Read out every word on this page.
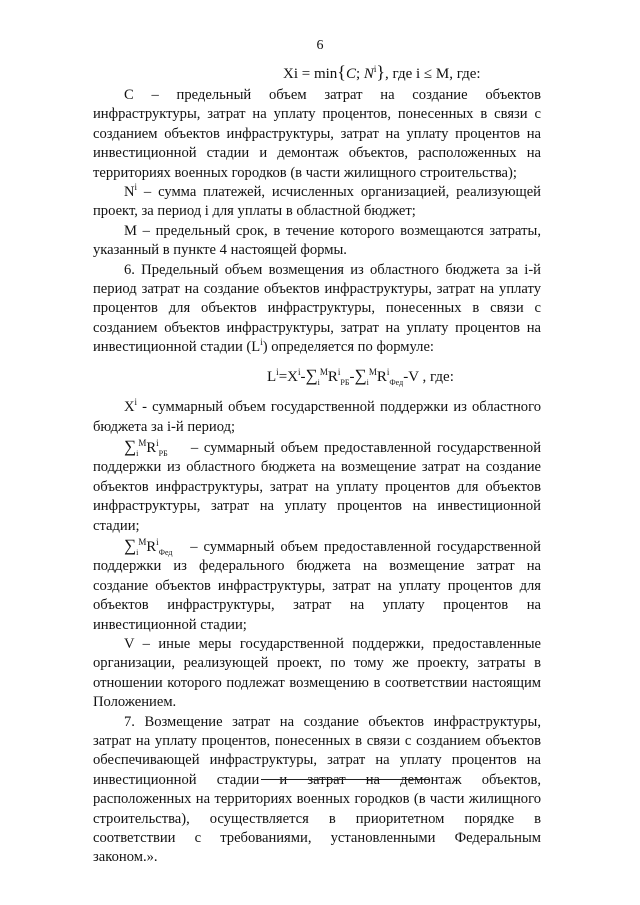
6
Xi = min{C; $N^i$}, где i ≤ M, где:

С – предельный объем затрат на создание объектов инфраструктуры, затрат на уплату процентов, понесенных в связи с созданием объектов инфраструктуры, затрат на уплату процентов на инвестиционной стадии и демонтаж объектов, расположенных на территориях военных городков (в части жилищного строительства);

$N^i$ – сумма платежей, исчисленных организацией, реализующей проект, за период i для уплаты в областной бюджет;

М – предельный срок, в течение которого возмещаются затраты, указанный в пункте 4 настоящей формы.

6. Предельный объем возмещения из областного бюджета за i-й период затрат на создание объектов инфраструктуры, затрат на уплату процентов для объектов инфраструктуры, понесенных в связи с созданием объектов инфраструктуры, затрат на уплату процентов на инвестиционной стадии $(L^i)$ определяется по формуле:

$L^i=X^i-\sum_i^MR^i_{РБ}-\sum_i^MR^i_{Фед}-V$ , где:

$X^i$ - суммарный объем государственной поддержки из областного бюджета за i-й период;

$\sum_i^MR^i_{РБ}$ – суммарный объем предоставленной государственной поддержки из областного бюджета на возмещение затрат на создание объектов инфраструктуры, затрат на уплату процентов для объектов инфраструктуры, затрат на уплату процентов на инвестиционной стадии;

$\sum_i^MR^i_{Фед}$ – суммарный объем предоставленной государственной поддержки из федерального бюджета на возмещение затрат на создание объектов инфраструктуры, затрат на уплату процентов для объектов инфраструктуры, затрат на уплату процентов на инвестиционной стадии;

V – иные меры государственной поддержки, предоставленные организации, реализующей проект, по тому же проекту, затраты в отношении которого подлежат возмещению в соответствии настоящим Положением.

7. Возмещение затрат на создание объектов инфраструктуры, затрат на уплату процентов, понесенных в связи с созданием объектов обеспечивающей инфраструктуры, затрат на уплату процентов на инвестиционной стадии и затрат на демонтаж объектов, расположенных на территориях военных городков (в части жилищного строительства), осуществляется в приоритетном порядке в соответствии с требованиями, установленными Федеральным законом.».
